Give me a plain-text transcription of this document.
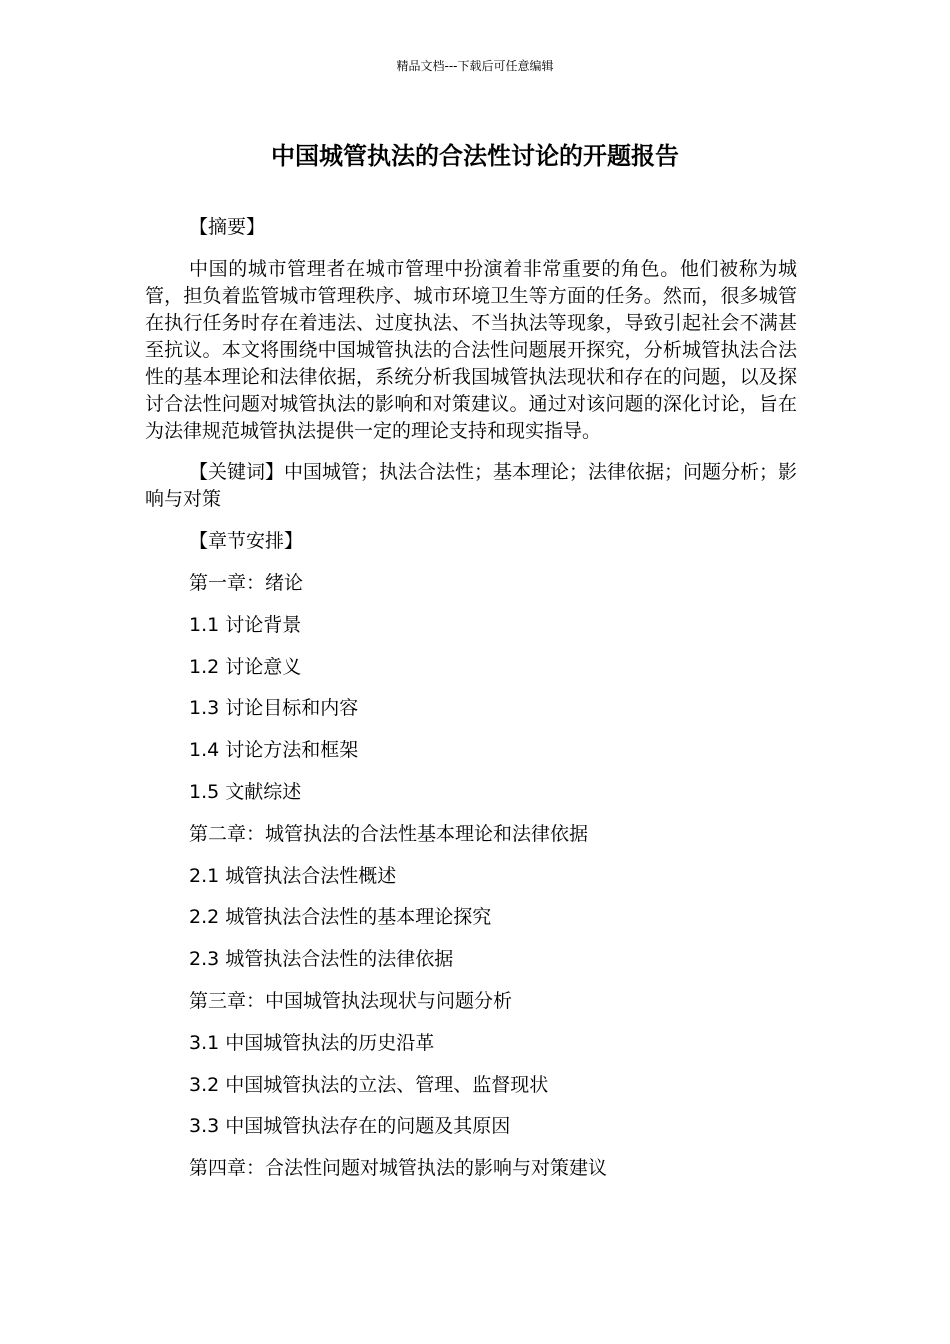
精品文档---下载后可任意编辑
中国城管执法的合法性讨论的开题报告

【摘要】

中国的城市管理者在城市管理中扮演着非常重要的角色。他们被称为城管，担负着监管城市管理秩序、城市环境卫生等方面的任务。然而，很多城管在执行任务时存在着违法、过度执法、不当执法等现象，导致引起社会不满甚至抗议。本文将围绕中国城管执法的合法性问题展开探究，分析城管执法合法性的基本理论和法律依据，系统分析我国城管执法现状和存在的问题，以及探讨合法性问题对城管执法的影响和对策建议。通过对该问题的深化讨论，旨在为法律规范城管执法提供一定的理论支持和现实指导。

【关键词】中国城管；执法合法性；基本理论；法律依据；问题分析；影响与对策

【章节安排】

第一章：绪论

1.1 讨论背景

1.2 讨论意义

1.3 讨论目标和内容

1.4 讨论方法和框架

1.5 文献综述

第二章：城管执法的合法性基本理论和法律依据

2.1 城管执法合法性概述

2.2 城管执法合法性的基本理论探究

2.3 城管执法合法性的法律依据

第三章：中国城管执法现状与问题分析

3.1 中国城管执法的历史沿革

3.2 中国城管执法的立法、管理、监督现状

3.3 中国城管执法存在的问题及其原因

第四章：合法性问题对城管执法的影响与对策建议
